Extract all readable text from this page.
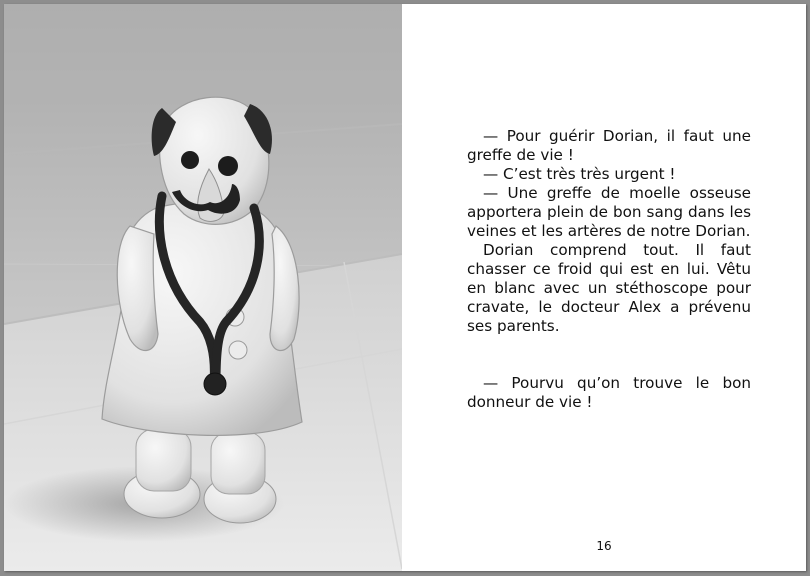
— Pour guérir Dorian, il faut une greffe de vie !

— C’est très très urgent !

— Une greffe de moelle osseuse apportera plein de bon sang dans les veines et les artères de notre Dorian.

Dorian comprend tout. Il faut chasser ce froid qui est en lui. Vêtu en blanc avec un stéthoscope pour cravate, le docteur Alex a prévenu ses parents.

— Pourvu qu’on trouve le bon donneur de vie !

16
